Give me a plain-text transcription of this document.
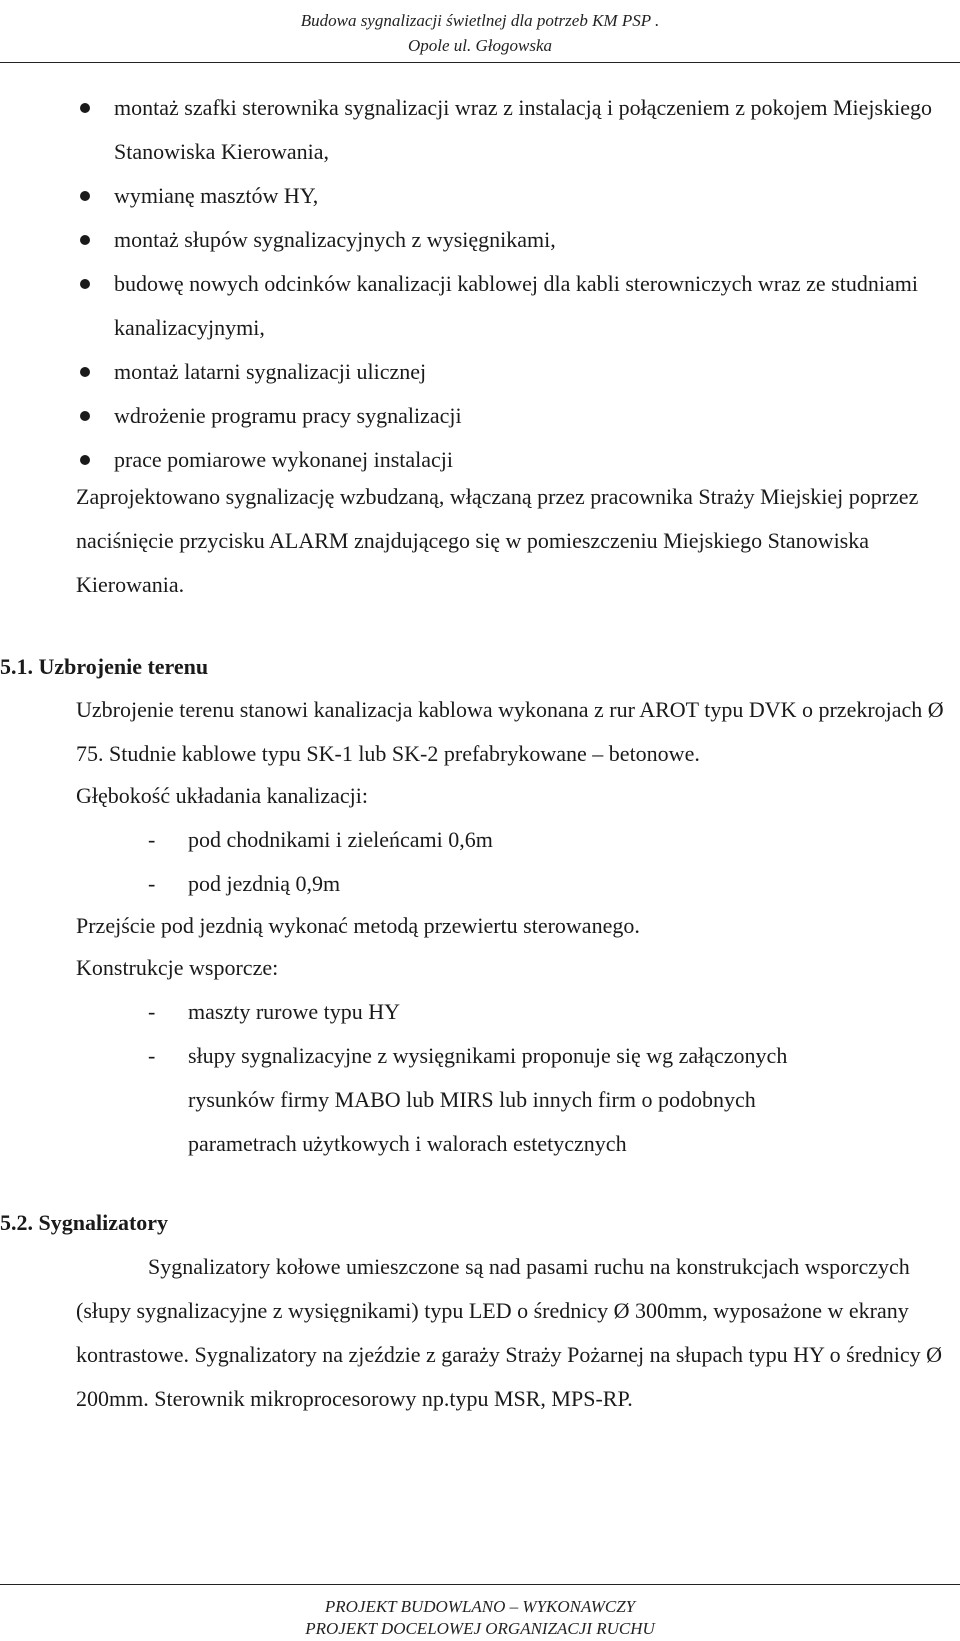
Budowa sygnalizacji świetlnej dla potrzeb KM PSP .
Opole ul. Głogowska
montaż szafki sterownika sygnalizacji wraz z instalacją i połączeniem z pokojem Miejskiego Stanowiska Kierowania,
wymianę masztów HY,
montaż słupów sygnalizacyjnych z wysięgnikami,
budowę nowych odcinków kanalizacji kablowej dla kabli sterowniczych wraz ze studniami kanalizacyjnymi,
montaż latarni sygnalizacji ulicznej
wdrożenie programu pracy sygnalizacji
prace pomiarowe wykonanej instalacji
Zaprojektowano sygnalizację wzbudzaną, włączaną przez pracownika Straży Miejskiej poprzez naciśnięcie przycisku ALARM znajdującego się w pomieszczeniu Miejskiego Stanowiska Kierowania.
5.1. Uzbrojenie terenu
Uzbrojenie terenu stanowi kanalizacja kablowa wykonana z rur AROT typu DVK o przekrojach Ø 75. Studnie kablowe typu SK-1 lub SK-2 prefabrykowane – betonowe.
Głębokość układania kanalizacji:
- pod chodnikami i zieleńcami 0,6m
- pod jezdnią 0,9m
Przejście pod jezdnią wykonać metodą przewiertu sterowanego.
Konstrukcje wsporcze:
- maszty rurowe typu HY
- słupy sygnalizacyjne z wysięgnikami proponuje się wg załączonych rysunków firmy MABO lub MIRS lub innych firm o podobnych parametrach użytkowych i walorach estetycznych
5.2. Sygnalizatory
Sygnalizatory kołowe umieszczone są nad pasami ruchu na konstrukcjach wsporczych (słupy sygnalizacyjne z wysięgnikami) typu LED o średnicy Ø 300mm, wyposażone w ekrany kontrastowe. Sygnalizatory na zjeździe z garaży Straży Pożarnej na słupach typu HY o średnicy Ø 200mm. Sterownik mikroprocesorowy np.typu MSR, MPS-RP.
PROJEKT BUDOWLANO – WYKONAWCZY
PROJEKT DOCELOWEJ ORGANIZACJI RUCHU
